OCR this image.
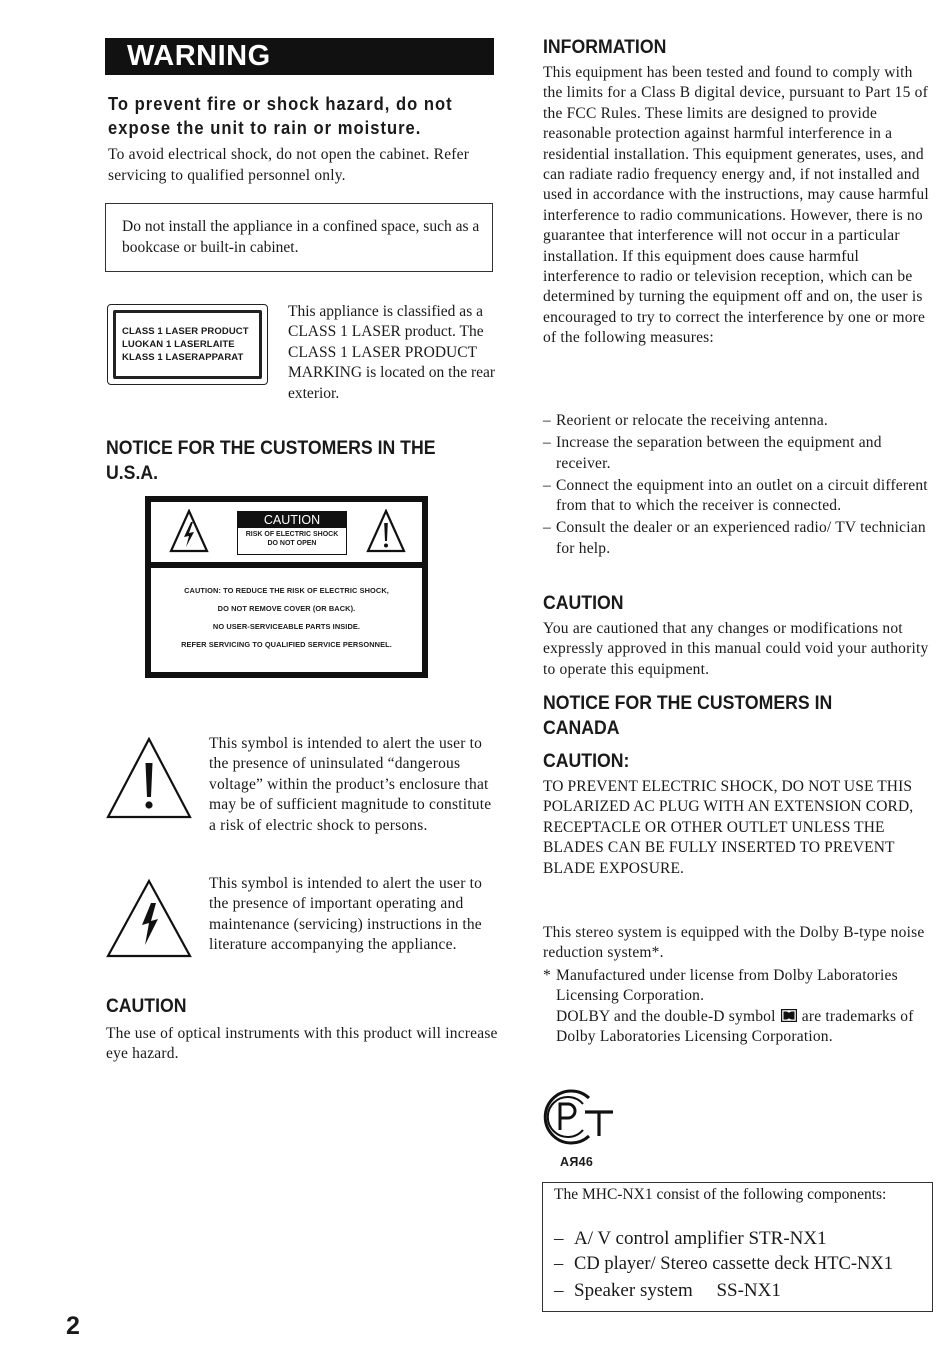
WARNING
To prevent fire or shock hazard, do not
expose the unit to rain or moisture.

To avoid electrical shock, do not open the cabinet. Refer servicing to qualified personnel only.

Do not install the appliance in a confined space, such as a bookcase or built-in cabinet.

CLASS 1 LASER PRODUCT
LUOKAN 1 LASERLAITE
KLASS 1 LASERAPPARAT

This appliance is classified as a CLASS 1 LASER product. The CLASS 1 LASER PRODUCT MARKING is located on the rear exterior.

NOTICE FOR THE CUSTOMERS IN THE U.S.A.
CAUTION
RISK OF ELECTRIC SHOCK
DO NOT OPEN
CAUTION: TO REDUCE THE RISK OF ELECTRIC SHOCK,
DO NOT REMOVE COVER (OR BACK).
NO USER-SERVICEABLE PARTS INSIDE.
REFER SERVICING TO QUALIFIED SERVICE PERSONNEL.

This symbol is intended to alert the user to the presence of uninsulated “dangerous voltage” within the product’s enclosure that may be of sufficient magnitude to constitute a risk of electric shock to persons.

This symbol is intended to alert the user to the presence of important operating and maintenance (servicing) instructions in the literature accompanying the appliance.

CAUTION

The use of optical instruments with this product will increase eye hazard.

2
INFORMATION

This equipment has been tested and found to comply with the limits for a Class B digital device, pursuant to Part 15 of the FCC Rules. These limits are designed to provide reasonable protection against harmful interference in a residential installation. This equipment generates, uses, and can radiate radio frequency energy and, if not installed and used in accordance with the instructions, may cause harmful interference to radio communications. However, there is no guarantee that interference will not occur in a particular installation. If this equipment does cause harmful interference to radio or television reception, which can be determined by turning the equipment off and on, the user is encouraged to try to correct the interference by one or more of the following measures:

– Reorient or relocate the receiving antenna.
– Increase the separation between the equipment and receiver.
– Connect the equipment into an outlet on a circuit different from that to which the receiver is connected.
– Consult the dealer or an experienced radio/ TV technician for help.
CAUTION

You are cautioned that any changes or modifications not expressly approved in this manual could void your authority to operate this equipment.

NOTICE FOR THE CUSTOMERS IN CANADA
CAUTION:
TO PREVENT ELECTRIC SHOCK, DO NOT USE THIS POLARIZED AC PLUG WITH AN EXTENSION CORD,
RECEPTACLE OR OTHER OUTLET UNLESS THE BLADES CAN BE FULLY INSERTED TO PREVENT BLADE EXPOSURE.

This stereo system is equipped with the Dolby B-type noise reduction system*.

* Manufactured under license from Dolby Laboratories Licensing Corporation.
DOLBY and the double-D symbol are trademarks of Dolby Laboratories Licensing Corporation.
АЯ46

The MHC-NX1 consist of the following components:

– A/ V control amplifier STR-NX1
– CD player/ Stereo cassette deck HTC-NX1
– Speaker system     SS-NX1
